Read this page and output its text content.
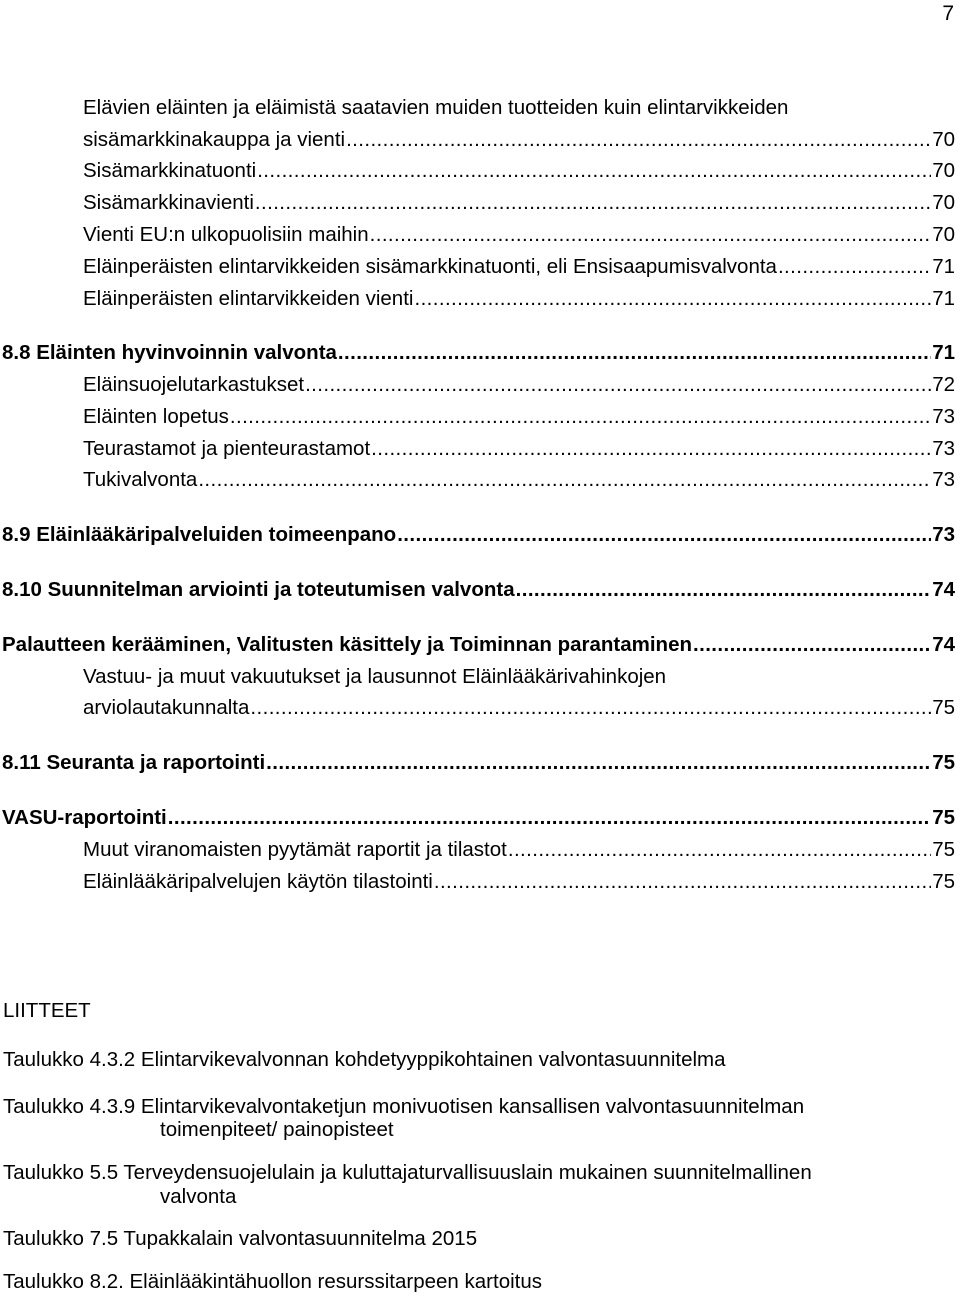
7
Elävien eläinten ja eläimistä saatavien muiden tuotteiden kuin elintarvikkeiden
sisämarkkinakauppa ja vienti .....	70
Sisämarkkinatuonti .....	70
Sisämarkkinavienti .....	70
Vienti EU:n ulkopuolisiin maihin .....	70
Eläinperäisten elintarvikkeiden sisämarkkinatuonti, eli Ensisaapumisvalvonta .....	71
Eläinperäisten elintarvikkeiden vienti .....	71
8.8 Eläinten hyvinvoinnin valvonta .....	71
Eläinsuojelutarkastukset .....	72
Eläinten lopetus .....	73
Teurastamot ja pienteurastamot .....	73
Tukivalvonta .....	73
8.9 Eläinlääkäripalveluiden toimeenpano .....	73
8.10 Suunnitelman arviointi ja toteutumisen valvonta .....	74
Palautteen kerääminen, Valitusten käsittely ja Toiminnan parantaminen .....	74
Vastuu- ja muut vakuutukset ja lausunnot Eläinlääkärivahinkojen
arviolautakunnalta .....	75
8.11 Seuranta ja raportointi .....	75
VASU-raportointi .....	75
Muut viranomaisten pyytämät raportit ja tilastot .....	75
Eläinlääkäripalvelujen käytön tilastointi .....	75
LIITTEET
Taulukko 4.3.2 Elintarvikevalvonnan kohdetyyppikohtainen valvontasuunnitelma
Taulukko 4.3.9 Elintarvikevalvontaketjun monivuotisen kansallisen valvontasuunnitelman
toimenpiteet/ painopisteet
Taulukko 5.5 Terveydensuojelulain ja kuluttajaturvallisuuslain mukainen suunnitelmallinen
valvonta
Taulukko 7.5 Tupakkalain valvontasuunnitelma 2015
Taulukko 8.2. Eläinlääkintähuollon resurssitarpeen kartoitus
